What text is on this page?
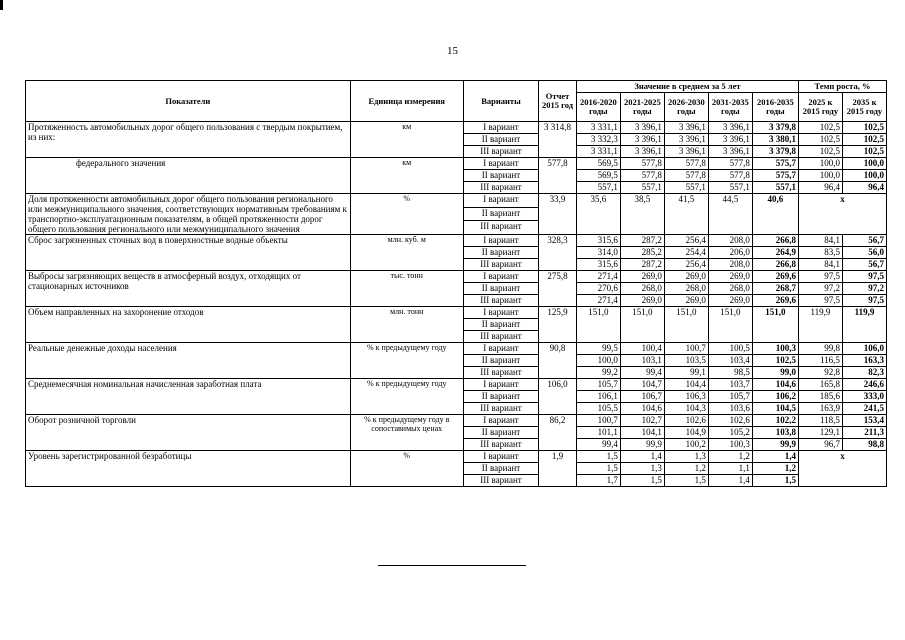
15
Показатели	Единица измерения	Варианты	Отчет 2015 год	Значение в среднем за 5 лет					Темп роста, %	
				2016-2020 годы	2021-2025 годы	2026-2030 годы	2031-2035 годы	2016-2035 годы	2025 к 2015 году	2035 к 2015 году
Протяженность автомобильных дорог общего пользования с твердым покрытием, из них:	км	I вариант	3 314,8	3 331,1	3 396,1	3 396,1	3 396,1	3 379,8	102,5	102,5
		II вариант		3 332,3	3 396,1	3 396,1	3 396,1	3 380,1	102,5	102,5
		III вариант		3 331,1	3 396,1	3 396,1	3 396,1	3 379,8	102,5	102,5
федерального значения	км	I вариант	577,8	569,5	577,8	577,8	577,8	575,7	100,0	100,0
		II вариант		569,5	577,8	577,8	577,8	575,7	100,0	100,0
		III вариант		557,1	557,1	557,1	557,1	557,1	96,4	96,4
Доля протяженности автомобильных дорог общего пользования регионального или межмуниципального значения, соответствующих нормативным требованиям к транспортно-эксплуатационным показателям, в общей протяженности дорог общего пользования регионального или межмуниципального значения	%	I вариант	33,9	35,6	38,5	41,5	44,5	40,6	x	
		II вариант								
		III вариант								
Сброс загрязненных сточных вод в поверхностные водные объекты	млн. куб. м	I вариант	328,3	315,6	287,2	256,4	208,0	266,8	84,1	56,7
		II вариант		314,0	285,2	254,4	206,0	264,9	83,5	56,0
		III вариант		315,6	287,2	256,4	208,0	266,8	84,1	56,7
Выбросы загрязняющих веществ в атмосферный воздух, отходящих от стационарных источников	тыс. тонн	I вариант	275,8	271,4	269,0	269,0	269,0	269,6	97,5	97,5
		II вариант		270,6	268,0	268,0	268,0	268,7	97,2	97,2
		III вариант		271,4	269,0	269,0	269,0	269,6	97,5	97,5
Объем направленных на захоронение отходов	млн. тонн	I вариант	125,9	151,0	151,0	151,0	151,0	151,0	119,9	119,9
		II вариант								
		III вариант								
Реальные денежные доходы населения	% к предыдущему году	I вариант	90,8	99,5	100,4	100,7	100,5	100,3	99,8	106,0
		II вариант		100,0	103,1	103,5	103,4	102,5	116,5	163,3
		III вариант		99,2	99,4	99,1	98,5	99,0	92,8	82,3
Среднемесячная номинальная начисленная заработная плата	% к предыдущему году	I вариант	106,0	105,7	104,7	104,4	103,7	104,6	165,8	246,6
		II вариант		106,1	106,7	106,3	105,7	106,2	185,6	333,0
		III вариант		105,5	104,6	104,3	103,6	104,5	163,9	241,5
Оборот розничной торговли	% к предыдущему году в сопоставимых ценах	I вариант	86,2	100,7	102,7	102,6	102,6	102,2	118,5	153,4
		II вариант		101,1	104,1	104,9	105,2	103,8	129,1	211,3
		III вариант		99,4	99,9	100,2	100,3	99,9	96,7	98,8
Уровень зарегистрированной безработицы	%	I вариант	1,9	1,5	1,4	1,3	1,2	1,4	x	
		II вариант		1,5	1,3	1,2	1,1	1,2		
		III вариант		1,7	1,5	1,5	1,4	1,5		
